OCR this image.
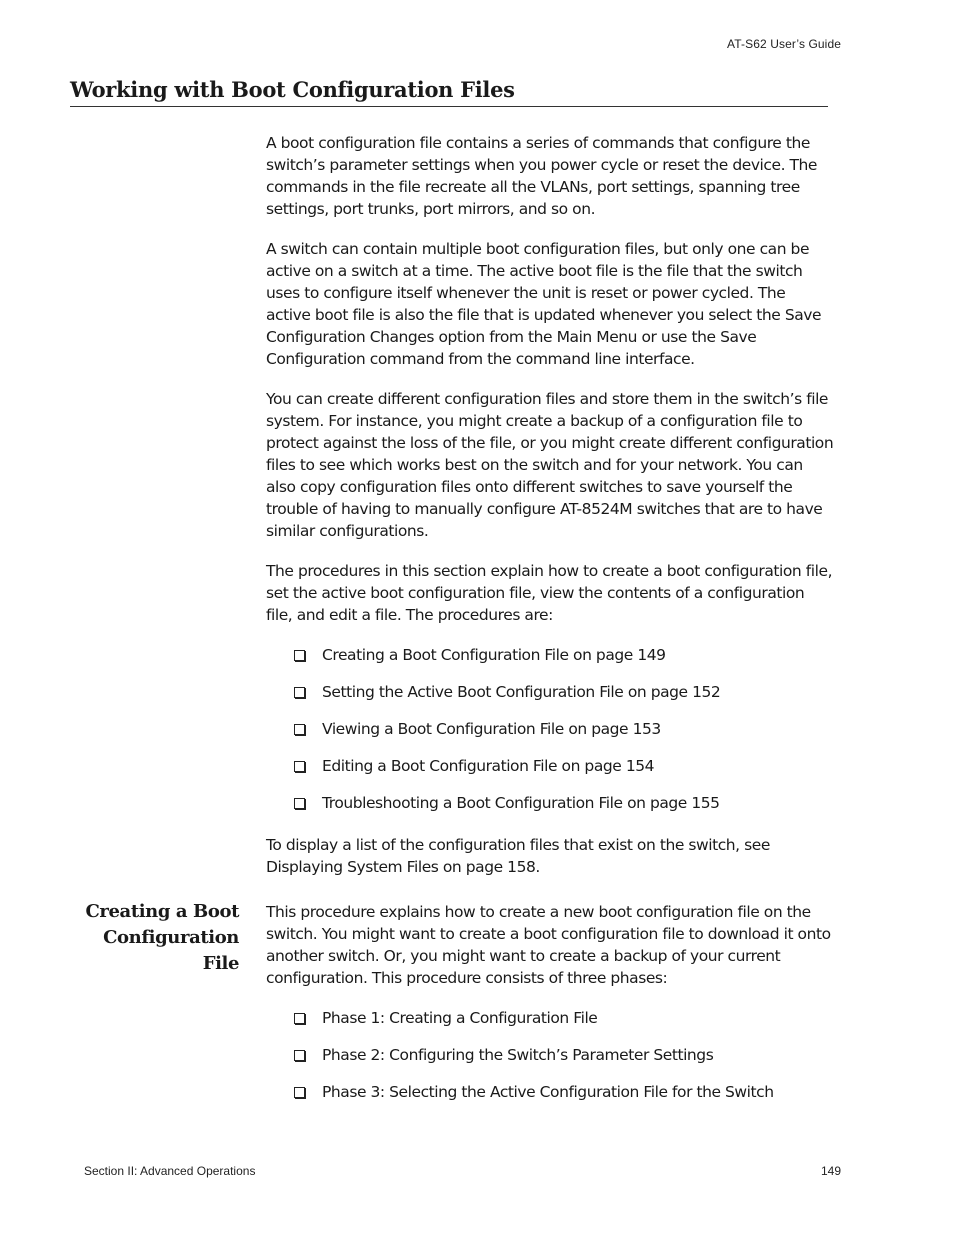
AT-S62 User’s Guide
Working with Boot Configuration Files

A boot configuration file contains a series of commands that configure the switch’s parameter settings when you power cycle or reset the device. The commands in the file recreate all the VLANs, port settings, spanning tree settings, port trunks, port mirrors, and so on.

A switch can contain multiple boot configuration files, but only one can be active on a switch at a time. The active boot file is the file that the switch uses to configure itself whenever the unit is reset or power cycled. The active boot file is also the file that is updated whenever you select the Save Configuration Changes option from the Main Menu or use the Save Configuration command from the command line interface.

You can create different configuration files and store them in the switch’s file system. For instance, you might create a backup of a configuration file to protect against the loss of the file, or you might create different configuration files to see which works best on the switch and for your network. You can also copy configuration files onto different switches to save yourself the trouble of having to manually configure AT-8524M switches that are to have similar configurations.

The procedures in this section explain how to create a boot configuration file, set the active boot configuration file, view the contents of a configuration file, and edit a file. The procedures are:

Creating a Boot Configuration File on page 149
Setting the Active Boot Configuration File on page 152
Viewing a Boot Configuration File on page 153
Editing a Boot Configuration File on page 154
Troubleshooting a Boot Configuration File on page 155

To display a list of the configuration files that exist on the switch, see Displaying System Files on page 158.

Creating a Boot
Configuration
File

This procedure explains how to create a new boot configuration file on the switch. You might want to create a boot configuration file to download it onto another switch. Or, you might want to create a backup of your current configuration. This procedure consists of three phases:

Phase 1: Creating a Configuration File
Phase 2: Configuring the Switch’s Parameter Settings
Phase 3: Selecting the Active Configuration File for the Switch
Section II: Advanced Operations	149
